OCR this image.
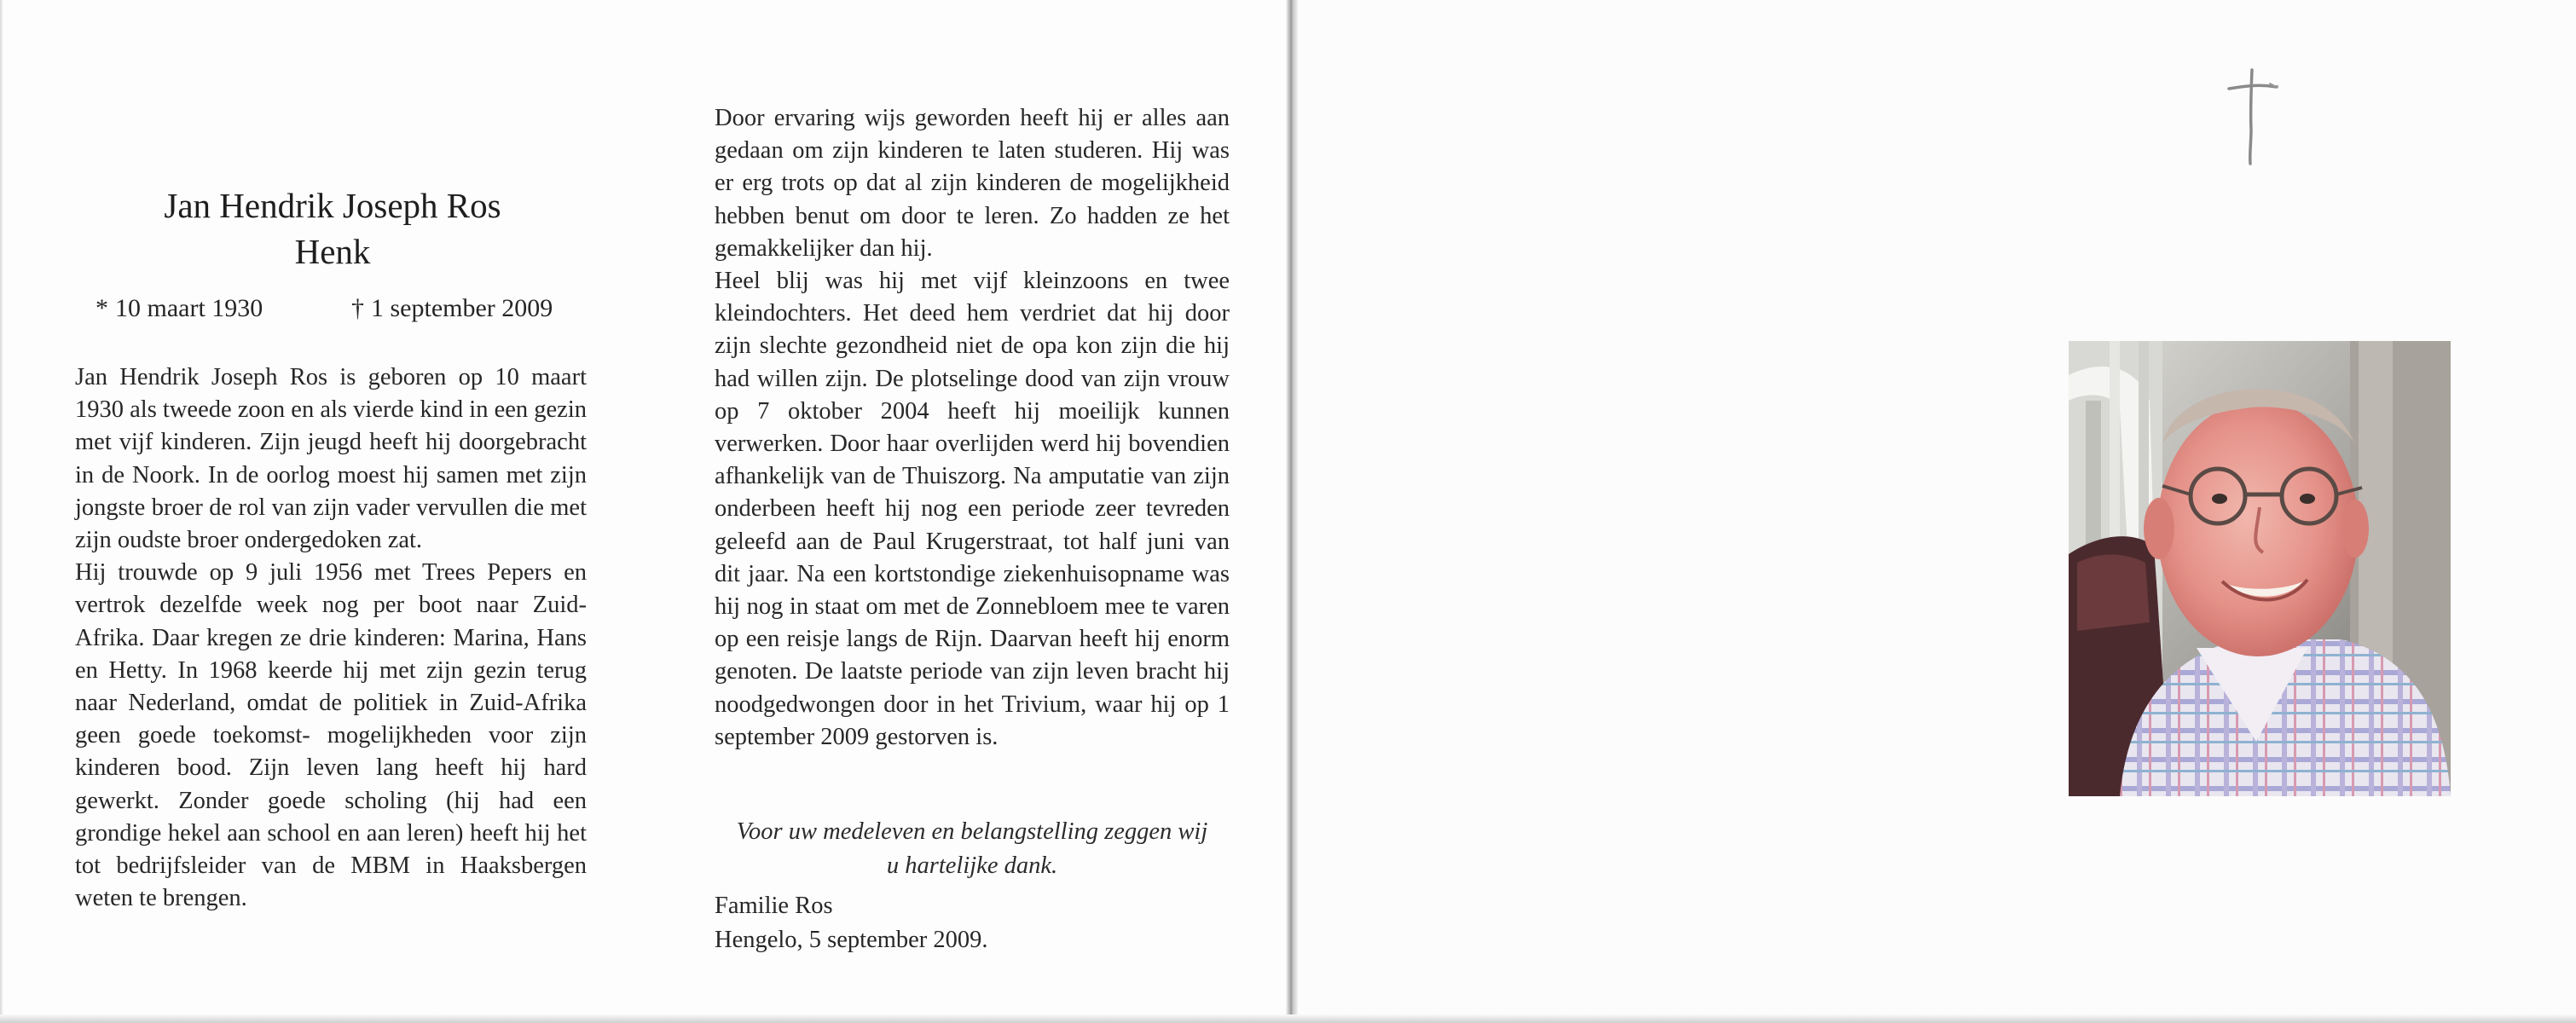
Jan Hendrik Joseph Ros
Henk
* 10 maart 1930	† 1 september 2009

Jan Hendrik Joseph Ros is geboren op 10 maart 1930 als tweede zoon en als vierde kind in een gezin met vijf kinderen. Zijn jeugd heeft hij doorgebracht in de Noork. In de oorlog moest hij samen met zijn jongste broer de rol van zijn vader vervullen die met zijn oudste broer ondergedoken zat.

Hij trouwde op 9 juli 1956 met Trees Pepers en vertrok dezelfde week nog per boot naar Zuid-Afrika. Daar kregen ze drie kinderen: Marina, Hans en Hetty. In 1968 keerde hij met zijn gezin terug naar Nederland, omdat de politiek in Zuid-Afrika geen goede toekomst- mogelijkheden voor zijn kinderen bood. Zijn leven lang heeft hij hard gewerkt. Zonder goede scholing (hij had een grondige hekel aan school en aan leren) heeft hij het tot bedrijfsleider van de MBM in Haaksbergen weten te brengen.

Door ervaring wijs geworden heeft hij er alles aan gedaan om zijn kinderen te laten studeren. Hij was er erg trots op dat al zijn kinderen de mogelijkheid hebben benut om door te leren. Zo hadden ze het gemakkelijker dan hij.

Heel blij was hij met vijf kleinzoons en twee kleindochters. Het deed hem verdriet dat hij door zijn slechte gezondheid niet de opa kon zijn die hij had willen zijn. De plotselinge dood van zijn vrouw op 7 oktober 2004 heeft hij moeilijk kunnen verwerken. Door haar overlijden werd hij bovendien afhankelijk van de Thuiszorg. Na amputatie van zijn onderbeen heeft hij nog een periode zeer tevreden geleefd aan de Paul Krugerstraat, tot half juni van dit jaar. Na een kortstondige ziekenhuisopname was hij nog in staat om met de Zonnebloem mee te varen op een reisje langs de Rijn. Daarvan heeft hij enorm genoten. De laatste periode van zijn leven bracht hij noodgedwongen door in het Trivium, waar hij op 1 september 2009 gestorven is.

Voor uw medeleven en belangstelling zeggen wij
u hartelijke dank.
Familie Ros
Hengelo, 5 september 2009.
